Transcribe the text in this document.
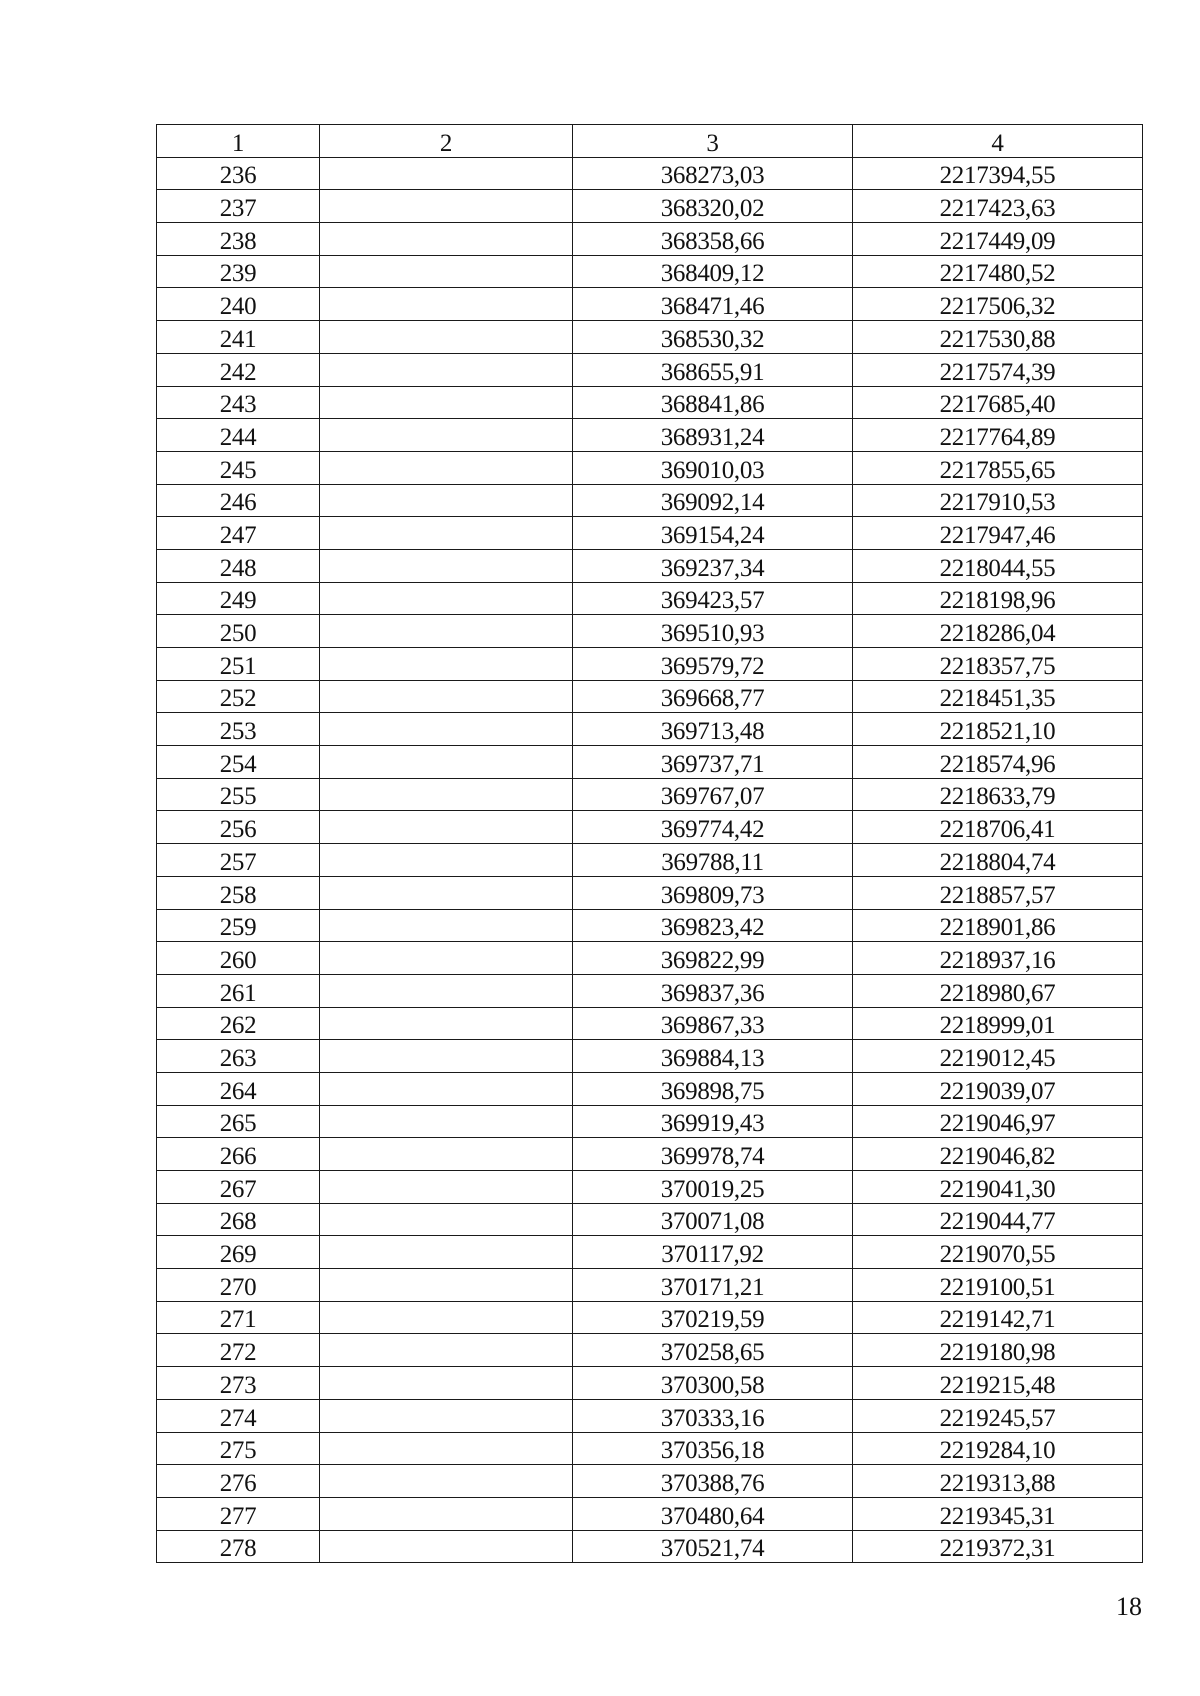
1	2	3	4
236		368273,03	2217394,55
237		368320,02	2217423,63
238		368358,66	2217449,09
239		368409,12	2217480,52
240		368471,46	2217506,32
241		368530,32	2217530,88
242		368655,91	2217574,39
243		368841,86	2217685,40
244		368931,24	2217764,89
245		369010,03	2217855,65
246		369092,14	2217910,53
247		369154,24	2217947,46
248		369237,34	2218044,55
249		369423,57	2218198,96
250		369510,93	2218286,04
251		369579,72	2218357,75
252		369668,77	2218451,35
253		369713,48	2218521,10
254		369737,71	2218574,96
255		369767,07	2218633,79
256		369774,42	2218706,41
257		369788,11	2218804,74
258		369809,73	2218857,57
259		369823,42	2218901,86
260		369822,99	2218937,16
261		369837,36	2218980,67
262		369867,33	2218999,01
263		369884,13	2219012,45
264		369898,75	2219039,07
265		369919,43	2219046,97
266		369978,74	2219046,82
267		370019,25	2219041,30
268		370071,08	2219044,77
269		370117,92	2219070,55
270		370171,21	2219100,51
271		370219,59	2219142,71
272		370258,65	2219180,98
273		370300,58	2219215,48
274		370333,16	2219245,57
275		370356,18	2219284,10
276		370388,76	2219313,88
277		370480,64	2219345,31
278		370521,74	2219372,31
18
